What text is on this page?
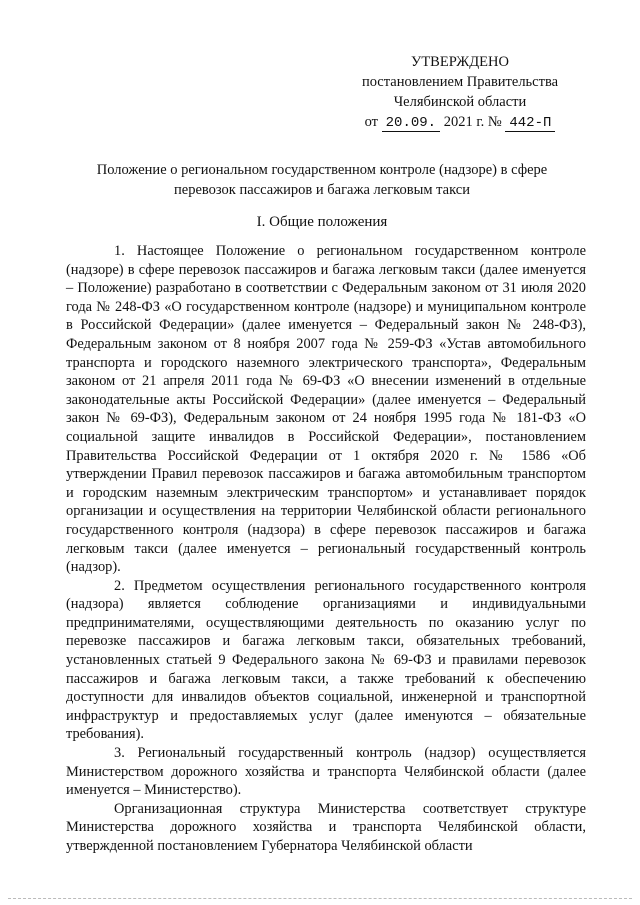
УТВЕРЖДЕНО
постановлением Правительства
Челябинской области
от 20.09. 2021 г. № 442-П
Положение о региональном государственном контроле (надзоре) в сфере перевозок пассажиров и багажа легковым такси
I. Общие положения

1. Настоящее Положение о региональном государственном контроле (надзоре) в сфере перевозок пассажиров и багажа легковым такси (далее именуется – Положение) разработано в соответствии с Федеральным законом от 31 июля 2020 года № 248-ФЗ «О государственном контроле (надзоре) и муниципальном контроле в Российской Федерации» (далее именуется – Федеральный закон № 248-ФЗ), Федеральным законом от 8 ноября 2007 года № 259-ФЗ «Устав автомобильного транспорта и городского наземного электрического транспорта», Федеральным законом от 21 апреля 2011 года № 69-ФЗ «О внесении изменений в отдельные законодательные акты Российской Федерации» (далее именуется – Федеральный закон № 69-ФЗ), Федеральным законом от 24 ноября 1995 года № 181-ФЗ «О социальной защите инвалидов в Российской Федерации», постановлением Правительства Российской Федерации от 1 октября 2020 г. № 1586 «Об утверждении Правил перевозок пассажиров и багажа автомобильным транспортом и городским наземным электрическим транспортом» и устанавливает порядок организации и осуществления на территории Челябинской области регионального государственного контроля (надзора) в сфере перевозок пассажиров и багажа легковым такси (далее именуется – региональный государственный контроль (надзор).

2. Предметом осуществления регионального государственного контроля (надзора) является соблюдение организациями и индивидуальными предпринимателями, осуществляющими деятельность по оказанию услуг по перевозке пассажиров и багажа легковым такси, обязательных требований, установленных статьей 9 Федерального закона № 69-ФЗ и правилами перевозок пассажиров и багажа легковым такси, а также требований к обеспечению доступности для инвалидов объектов социальной, инженерной и транспортной инфраструктур и предоставляемых услуг (далее именуются – обязательные требования).

3. Региональный государственный контроль (надзор) осуществляется Министерством дорожного хозяйства и транспорта Челябинской области (далее именуется – Министерство).

Организационная структура Министерства соответствует структуре Министерства дорожного хозяйства и транспорта Челябинской области, утвержденной постановлением Губернатора Челябинской области
